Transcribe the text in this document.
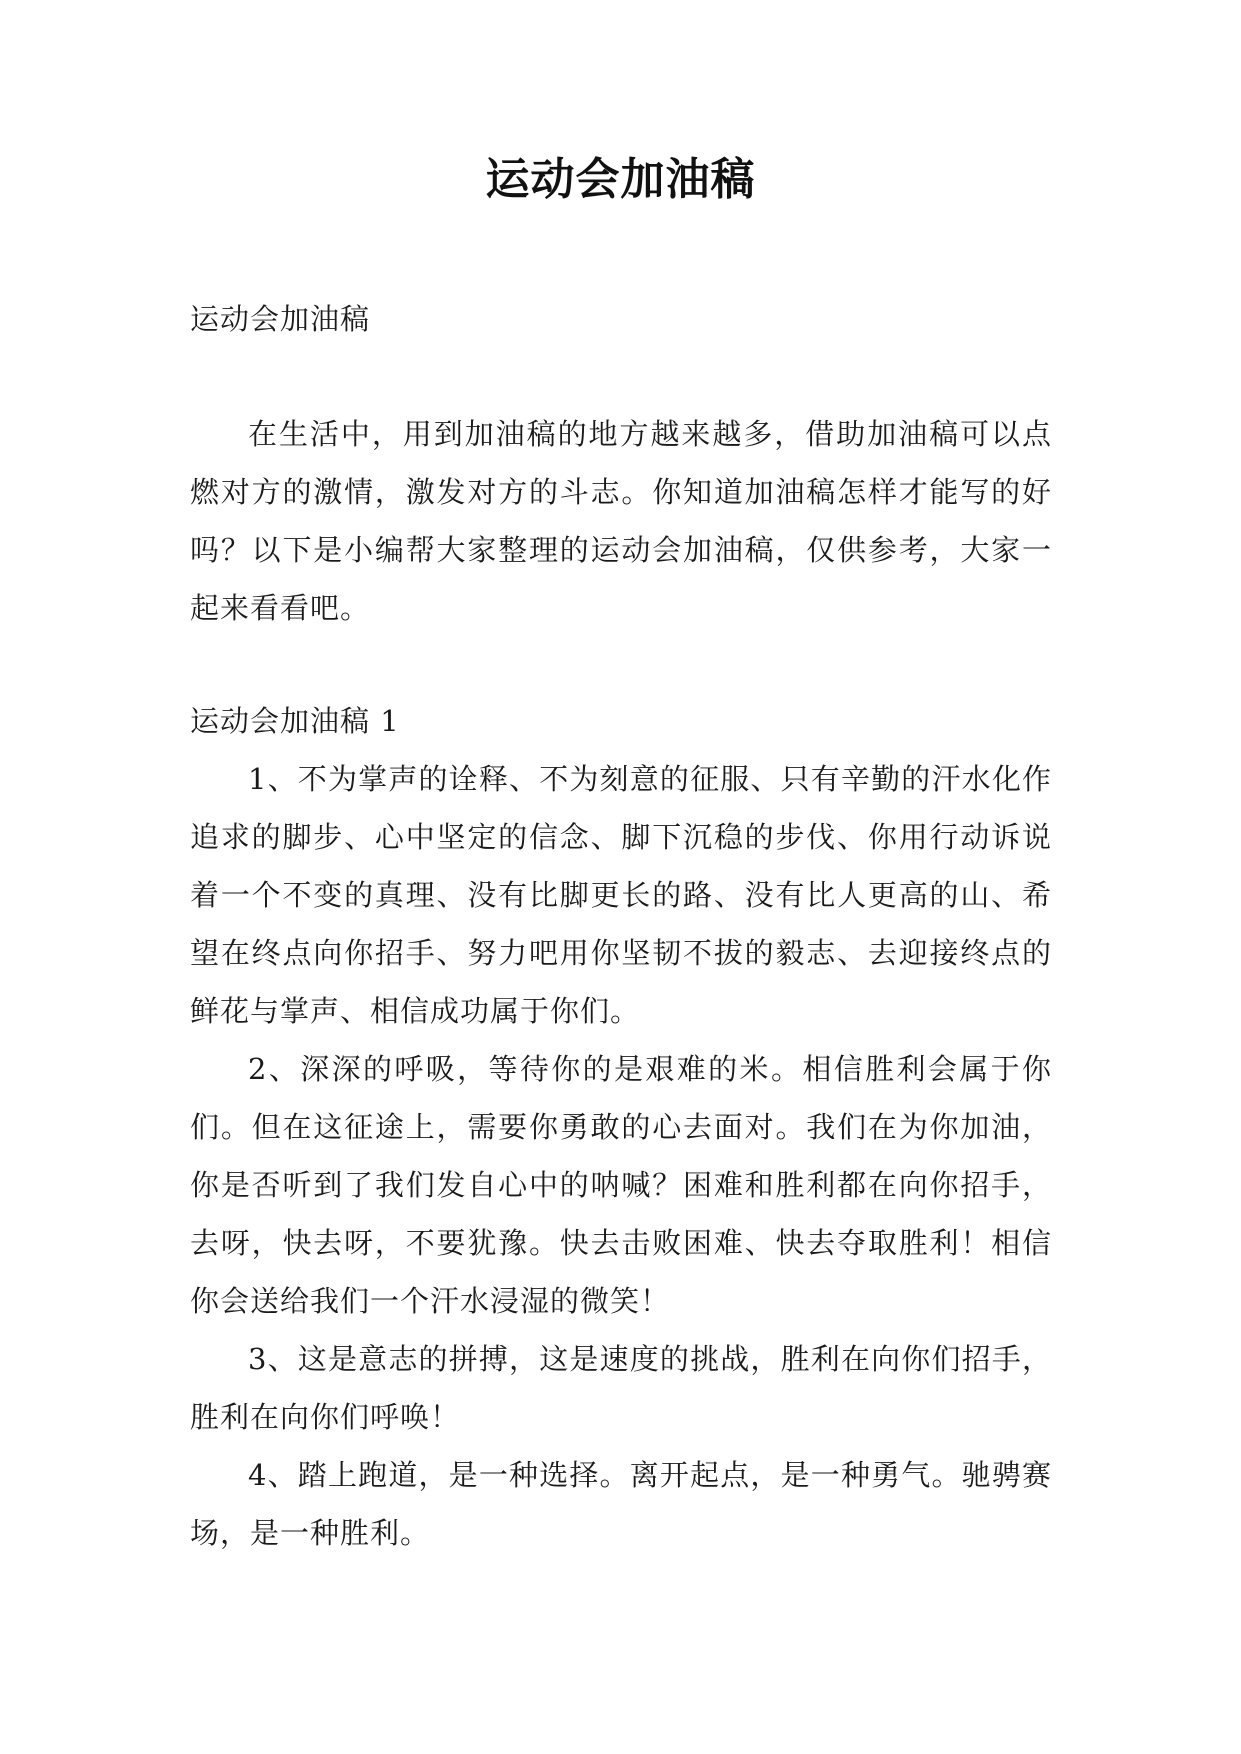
运动会加油稿

运动会加油稿

在生活中，用到加油稿的地方越来越多，借助加油稿可以点燃对方的激情，激发对方的斗志。你知道加油稿怎样才能写的好吗？以下是小编帮大家整理的运动会加油稿，仅供参考，大家一起来看看吧。

运动会加油稿 1

1、不为掌声的诠释、不为刻意的征服、只有辛勤的汗水化作追求的脚步、心中坚定的信念、脚下沉稳的步伐、你用行动诉说着一个不变的真理、没有比脚更长的路、没有比人更高的山、希望在终点向你招手、努力吧用你坚韧不拔的毅志、去迎接终点的鲜花与掌声、相信成功属于你们。

2、深深的呼吸，等待你的是艰难的米。相信胜利会属于你们。但在这征途上，需要你勇敢的心去面对。我们在为你加油，你是否听到了我们发自心中的呐喊？困难和胜利都在向你招手，去呀，快去呀，不要犹豫。快去击败困难、快去夺取胜利！相信你会送给我们一个汗水浸湿的微笑！

3、这是意志的拼搏，这是速度的挑战，胜利在向你们招手，胜利在向你们呼唤！

4、踏上跑道，是一种选择。离开起点，是一种勇气。驰骋赛场，是一种胜利。
